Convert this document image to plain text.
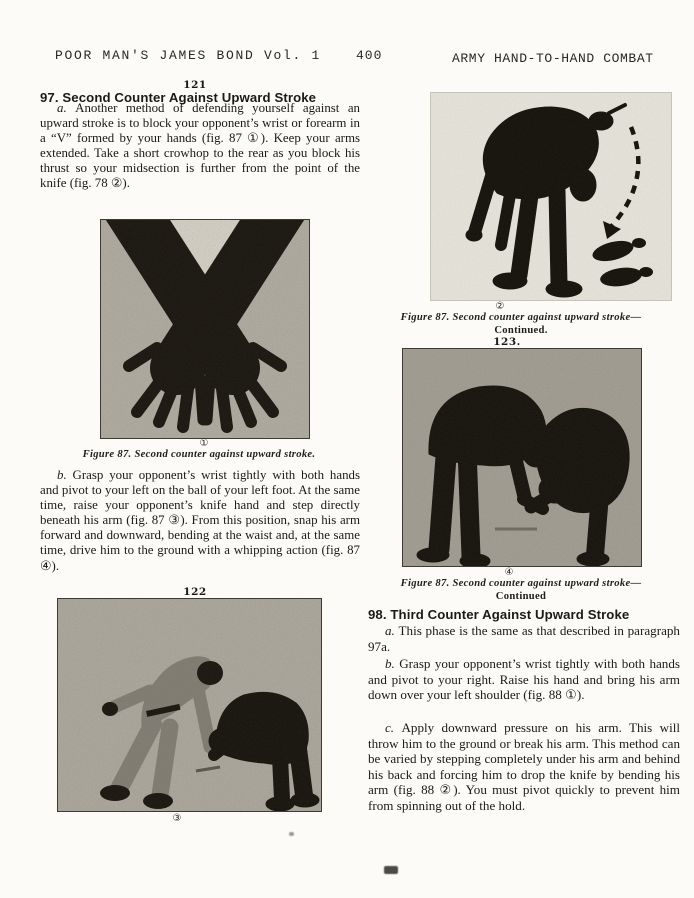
POOR MAN'S JAMES BOND Vol. 1	400	ARMY HAND-TO-HAND COMBAT
121
97. Second Counter Against Upward Stroke

a. Another method of defending yourself against an upward stroke is to block your opponent’s wrist or forearm in a “V” formed by your hands (fig. 87 ①). Keep your arms extended. Take a short crowhop to the rear as you block his thrust so your midsection is further from the point of the knife (fig. 78 ②).

①
Figure 87. Second counter against upward stroke.

b. Grasp your opponent’s wrist tightly with both hands and pivot to your left on the ball of your left foot. At the same time, raise your opponent’s knife hand and step directly beneath his arm (fig. 87 ③). From this position, snap his arm forward and downward, bending at the waist and, at the same time, drive him to the ground with a whipping action (fig. 87 ④).

122
③
②
Figure 87. Second counter against upward stroke—
Continued.
123.
④
Figure 87. Second counter against upward stroke—
Continued
98. Third Counter Against Upward Stroke

a. This phase is the same as that described in paragraph 97a.

b. Grasp your opponent’s wrist tightly with both hands and pivot to your right. Raise his hand and bring his arm down over your left shoulder (fig. 88 ①).

c. Apply downward pressure on his arm. This will throw him to the ground or break his arm. This method can be varied by stepping completely under his arm and behind his back and forcing him to drop the knife by bending his arm (fig. 88 ②). You must pivot quickly to prevent him from spinning out of the hold.
